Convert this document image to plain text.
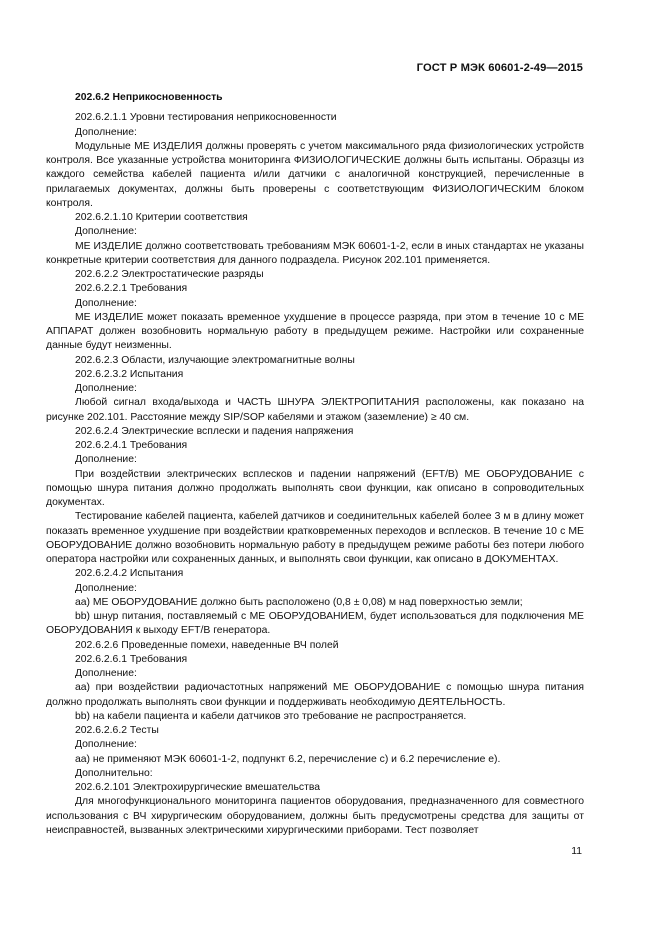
ГОСТ Р МЭК 60601-2-49—2015

202.6.2 Неприкосновенность

202.6.2.1.1 Уровни тестирования неприкосновенности

Дополнение:

Модульные МЕ ИЗДЕЛИЯ должны проверять с учетом максимального ряда физиологических устройств контроля. Все указанные устройства мониторинга ФИЗИОЛОГИЧЕСКИЕ должны быть испытаны. Образцы из каждого семейства кабелей пациента и/или датчики с аналогичной конструкцией, перечисленные в прилагаемых документах, должны быть проверены с соответствующим ФИЗИОЛОГИЧЕСКИМ блоком контроля.

202.6.2.1.10 Критерии соответствия

Дополнение:

МЕ ИЗДЕЛИЕ должно соответствовать требованиям МЭК 60601-1-2, если в иных стандартах не указаны конкретные критерии соответствия для данного подраздела. Рисунок 202.101 применяется.

202.6.2.2 Электростатические разряды

202.6.2.2.1 Требования

Дополнение:

МЕ ИЗДЕЛИЕ может показать временное ухудшение в процессе разряда, при этом в течение 10 с МЕ АППАРАТ должен возобновить нормальную работу в предыдущем режиме. Настройки или сохраненные данные будут неизменны.

202.6.2.3 Области, излучающие электромагнитные волны

202.6.2.3.2 Испытания

Дополнение:

Любой сигнал входа/выхода и ЧАСТЬ ШНУРА ЭЛЕКТРОПИТАНИЯ расположены, как показано на рисунке 202.101. Расстояние между SIP/SOP кабелями и этажом (заземление) ≥ 40 см.

202.6.2.4 Электрические всплески и падения напряжения

202.6.2.4.1 Требования

Дополнение:

При воздействии электрических всплесков и падении напряжений (EFT/B) МЕ ОБОРУДОВАНИЕ с помощью шнура питания должно продолжать выполнять свои функции, как описано в сопроводительных документах.

Тестирование кабелей пациента, кабелей датчиков и соединительных кабелей более 3 м в длину может показать временное ухудшение при воздействии кратковременных переходов и всплесков. В течение 10 с МЕ ОБОРУДОВАНИЕ должно возобновить нормальную работу в предыдущем режиме работы без потери любого оператора настройки или сохраненных данных, и выполнять свои функции, как описано в ДОКУМЕНТАХ.

202.6.2.4.2 Испытания

Дополнение:

аа) МЕ ОБОРУДОВАНИЕ должно быть расположено (0,8 ± 0,08) м над поверхностью земли;

bb) шнур питания, поставляемый с МЕ ОБОРУДОВАНИЕМ, будет использоваться для подключения МЕ ОБОРУДОВАНИЯ к выходу EFT/B генератора.

202.6.2.6 Проведенные помехи, наведенные ВЧ полей

202.6.2.6.1 Требования

Дополнение:

аа) при воздействии радиочастотных напряжений МЕ ОБОРУДОВАНИЕ с помощью шнура питания должно продолжать выполнять свои функции и поддерживать необходимую ДЕЯТЕЛЬНОСТЬ.

bb) на кабели пациента и кабели датчиков это требование не распространяется.

202.6.2.6.2 Тесты

Дополнение:

аа) не применяют МЭК 60601-1-2, подпункт 6.2, перечисление с) и 6.2 перечисление е).

Дополнительно:

202.6.2.101 Электрохирургические вмешательства

Для многофункционального мониторинга пациентов оборудования, предназначенного для совместного использования с ВЧ хирургическим оборудованием, должны быть предусмотрены средства для защиты от неисправностей, вызванных электрическими хирургическими приборами. Тест позволяет

11
